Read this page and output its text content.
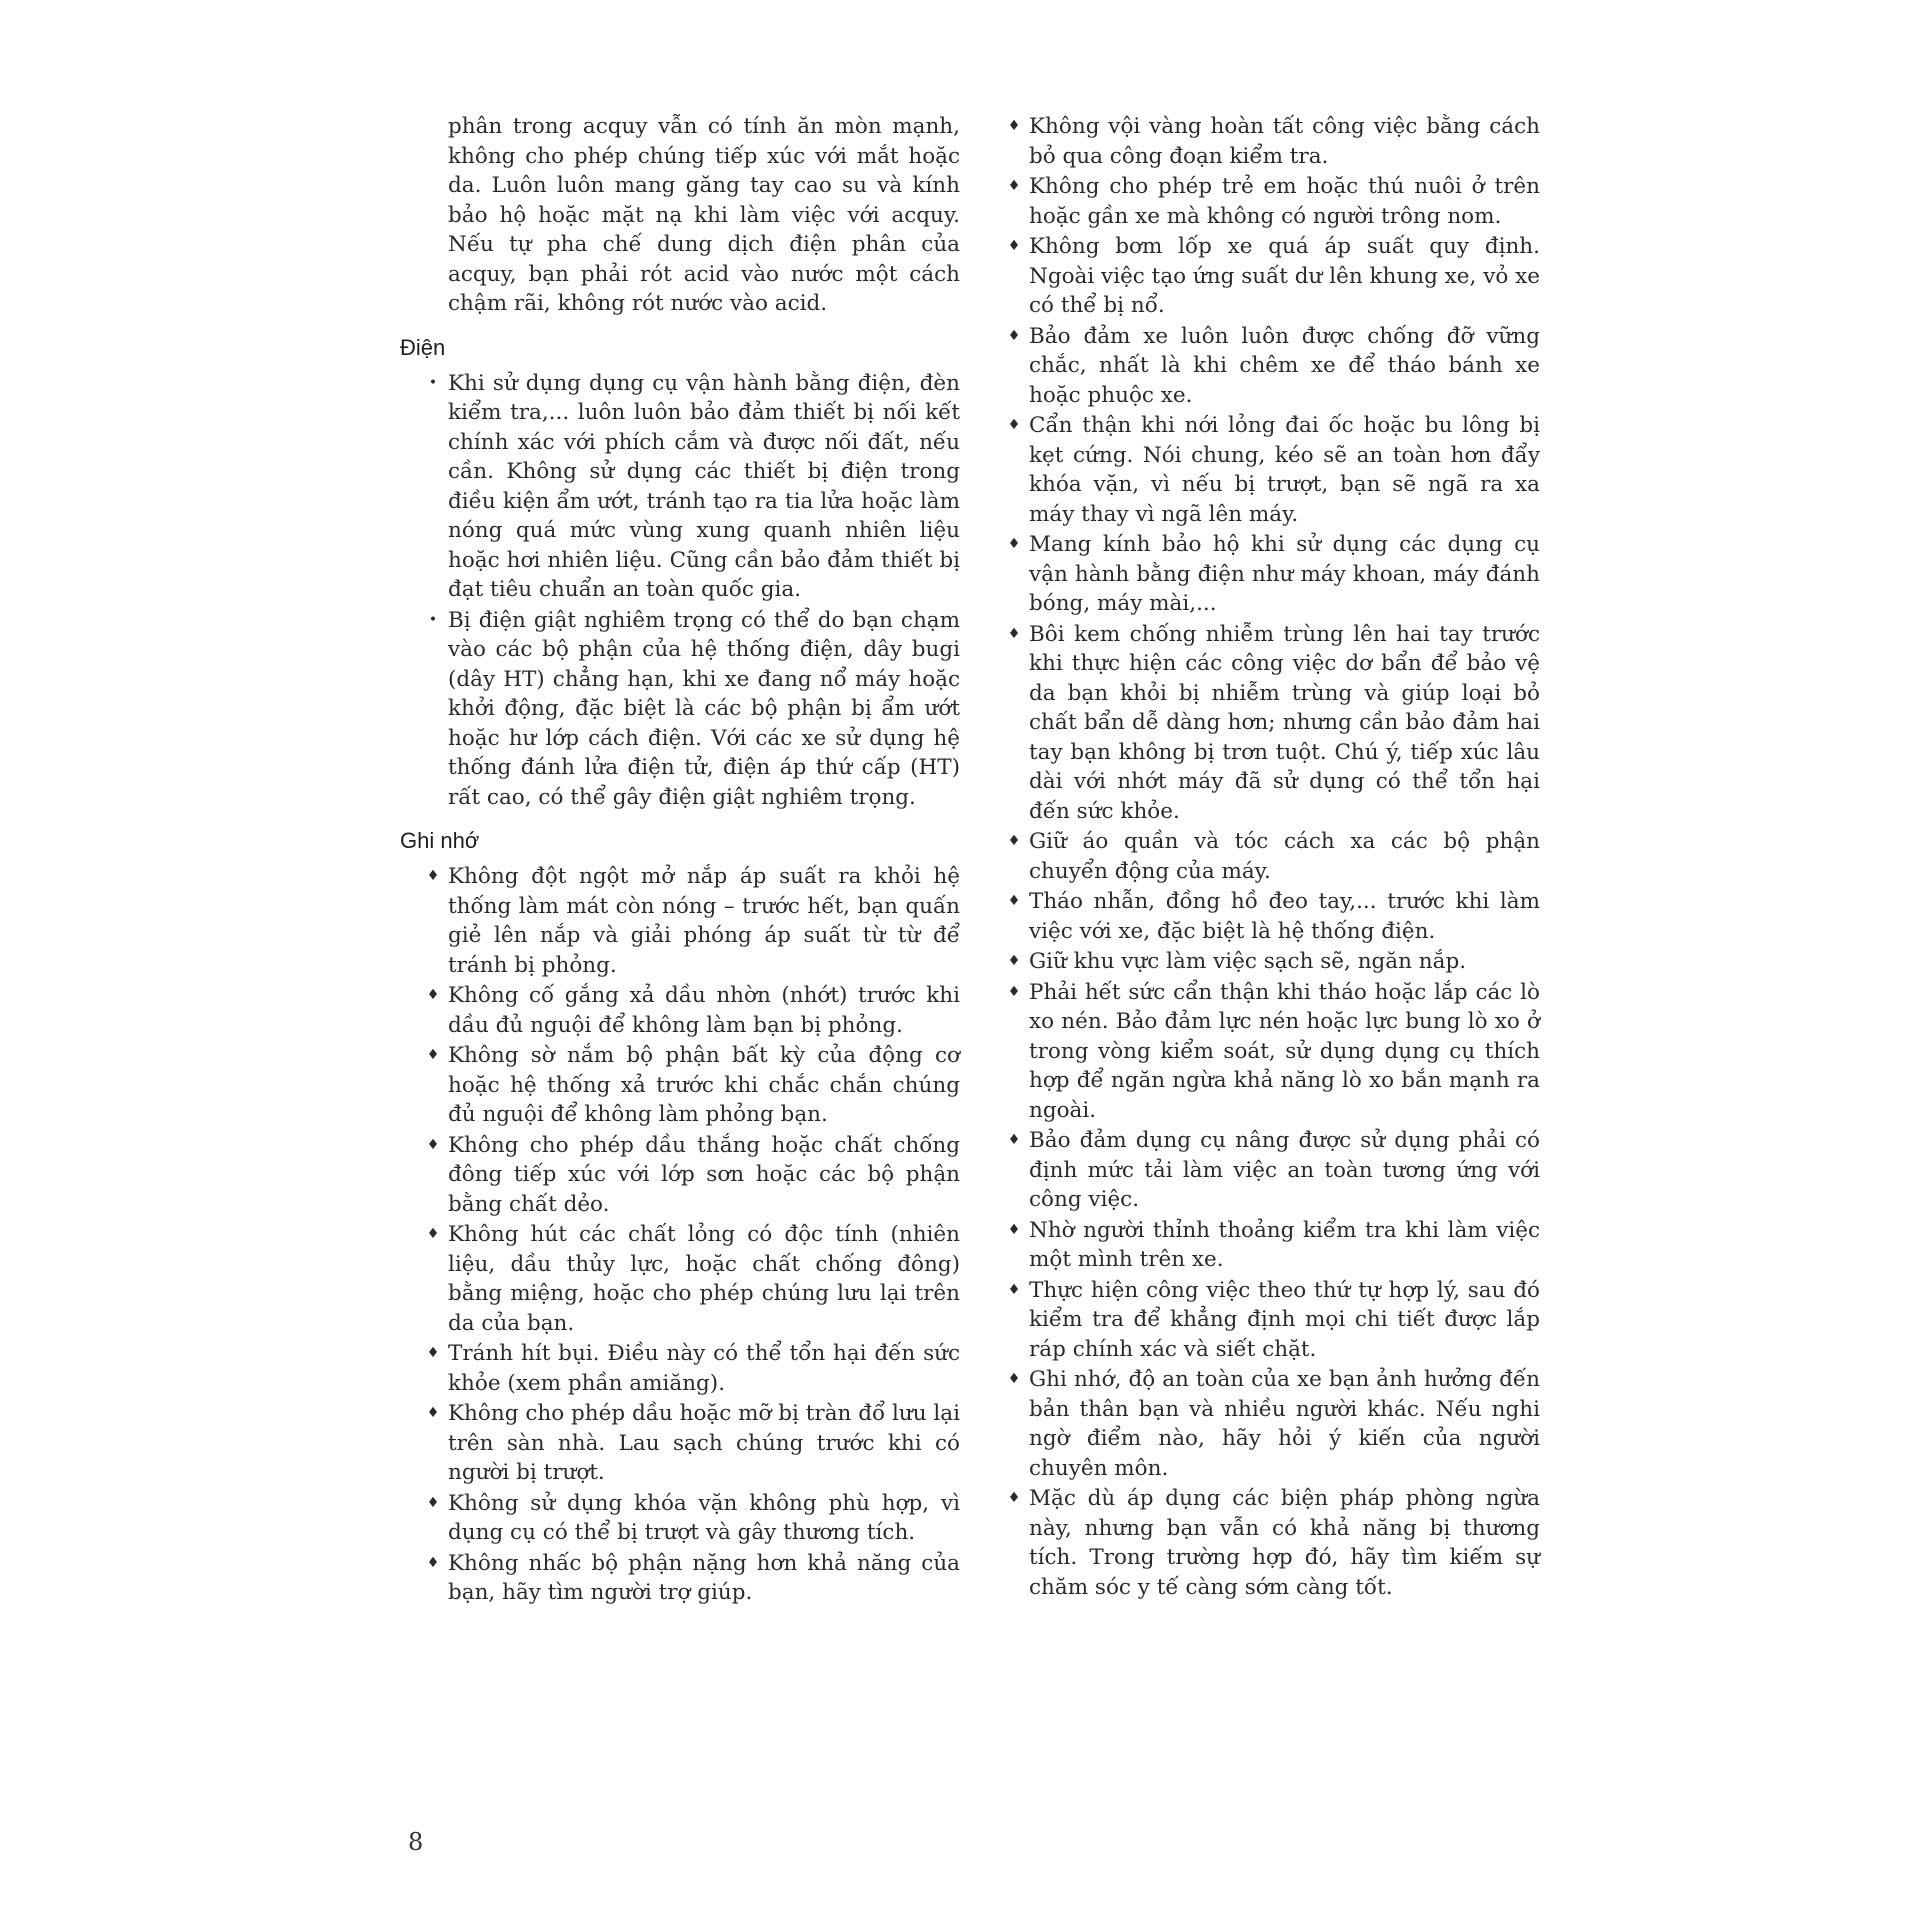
phân trong acquy vẫn có tính ăn mòn mạnh, không cho phép chúng tiếp xúc với mắt hoặc da. Luôn luôn mang găng tay cao su và kính bảo hộ hoặc mặt nạ khi làm việc với acquy. Nếu tự pha chế dung dịch điện phân của acquy, bạn phải rót acid vào nước một cách chậm rãi, không rót nước vào acid.

Điện
• Khi sử dụng dụng cụ vận hành bằng điện, đèn kiểm tra,... luôn luôn bảo đảm thiết bị nối kết chính xác với phích cắm và được nối đất, nếu cần. Không sử dụng các thiết bị điện trong điều kiện ẩm ướt, tránh tạo ra tia lửa hoặc làm nóng quá mức vùng xung quanh nhiên liệu hoặc hơi nhiên liệu. Cũng cần bảo đảm thiết bị đạt tiêu chuẩn an toàn quốc gia.
• Bị điện giật nghiêm trọng có thể do bạn chạm vào các bộ phận của hệ thống điện, dây bugi (dây HT) chẳng hạn, khi xe đang nổ máy hoặc khởi động, đặc biệt là các bộ phận bị ẩm ướt hoặc hư lớp cách điện. Với các xe sử dụng hệ thống đánh lửa điện tử, điện áp thứ cấp (HT) rất cao, có thể gây điện giật nghiêm trọng.
Ghi nhớ
♦ Không đột ngột mở nắp áp suất ra khỏi hệ thống làm mát còn nóng – trước hết, bạn quấn giẻ lên nắp và giải phóng áp suất từ từ để tránh bị phỏng.
♦ Không cố gắng xả dầu nhờn (nhớt) trước khi dầu đủ nguội để không làm bạn bị phỏng.
♦ Không sờ nắm bộ phận bất kỳ của động cơ hoặc hệ thống xả trước khi chắc chắn chúng đủ nguội để không làm phỏng bạn.
♦ Không cho phép dầu thắng hoặc chất chống đông tiếp xúc với lớp sơn hoặc các bộ phận bằng chất dẻo.
♦ Không hút các chất lỏng có độc tính (nhiên liệu, dầu thủy lực, hoặc chất chống đông) bằng miệng, hoặc cho phép chúng lưu lại trên da của bạn.
♦ Tránh hít bụi. Điều này có thể tổn hại đến sức khỏe (xem phần amiăng).
♦ Không cho phép dầu hoặc mỡ bị tràn đổ lưu lại trên sàn nhà. Lau sạch chúng trước khi có người bị trượt.
♦ Không sử dụng khóa vặn không phù hợp, vì dụng cụ có thể bị trượt và gây thương tích.
♦ Không nhấc bộ phận nặng hơn khả năng của bạn, hãy tìm người trợ giúp.
♦ Không vội vàng hoàn tất công việc bằng cách bỏ qua công đoạn kiểm tra.
♦ Không cho phép trẻ em hoặc thú nuôi ở trên hoặc gần xe mà không có người trông nom.
♦ Không bơm lốp xe quá áp suất quy định. Ngoài việc tạo ứng suất dư lên khung xe, vỏ xe có thể bị nổ.
♦ Bảo đảm xe luôn luôn được chống đỡ vững chắc, nhất là khi chêm xe để tháo bánh xe hoặc phuộc xe.
♦ Cẩn thận khi nới lỏng đai ốc hoặc bu lông bị kẹt cứng. Nói chung, kéo sẽ an toàn hơn đẩy khóa vặn, vì nếu bị trượt, bạn sẽ ngã ra xa máy thay vì ngã lên máy.
♦ Mang kính bảo hộ khi sử dụng các dụng cụ vận hành bằng điện như máy khoan, máy đánh bóng, máy mài,...
♦ Bôi kem chống nhiễm trùng lên hai tay trước khi thực hiện các công việc dơ bẩn để bảo vệ da bạn khỏi bị nhiễm trùng và giúp loại bỏ chất bẩn dễ dàng hơn; nhưng cần bảo đảm hai tay bạn không bị trơn tuột. Chú ý, tiếp xúc lâu dài với nhớt máy đã sử dụng có thể tổn hại đến sức khỏe.
♦ Giữ áo quần và tóc cách xa các bộ phận chuyển động của máy.
♦ Tháo nhẫn, đồng hồ đeo tay,... trước khi làm việc với xe, đặc biệt là hệ thống điện.
♦ Giữ khu vực làm việc sạch sẽ, ngăn nắp.
♦ Phải hết sức cẩn thận khi tháo hoặc lắp các lò xo nén. Bảo đảm lực nén hoặc lực bung lò xo ở trong vòng kiểm soát, sử dụng dụng cụ thích hợp để ngăn ngừa khả năng lò xo bắn mạnh ra ngoài.
♦ Bảo đảm dụng cụ nâng được sử dụng phải có định mức tải làm việc an toàn tương ứng với công việc.
♦ Nhờ người thỉnh thoảng kiểm tra khi làm việc một mình trên xe.
♦ Thực hiện công việc theo thứ tự hợp lý, sau đó kiểm tra để khẳng định mọi chi tiết được lắp ráp chính xác và siết chặt.
♦ Ghi nhớ, độ an toàn của xe bạn ảnh hưởng đến bản thân bạn và nhiều người khác. Nếu nghi ngờ điểm nào, hãy hỏi ý kiến của người chuyên môn.
♦ Mặc dù áp dụng các biện pháp phòng ngừa này, nhưng bạn vẫn có khả năng bị thương tích. Trong trường hợp đó, hãy tìm kiếm sự chăm sóc y tế càng sớm càng tốt.
8
